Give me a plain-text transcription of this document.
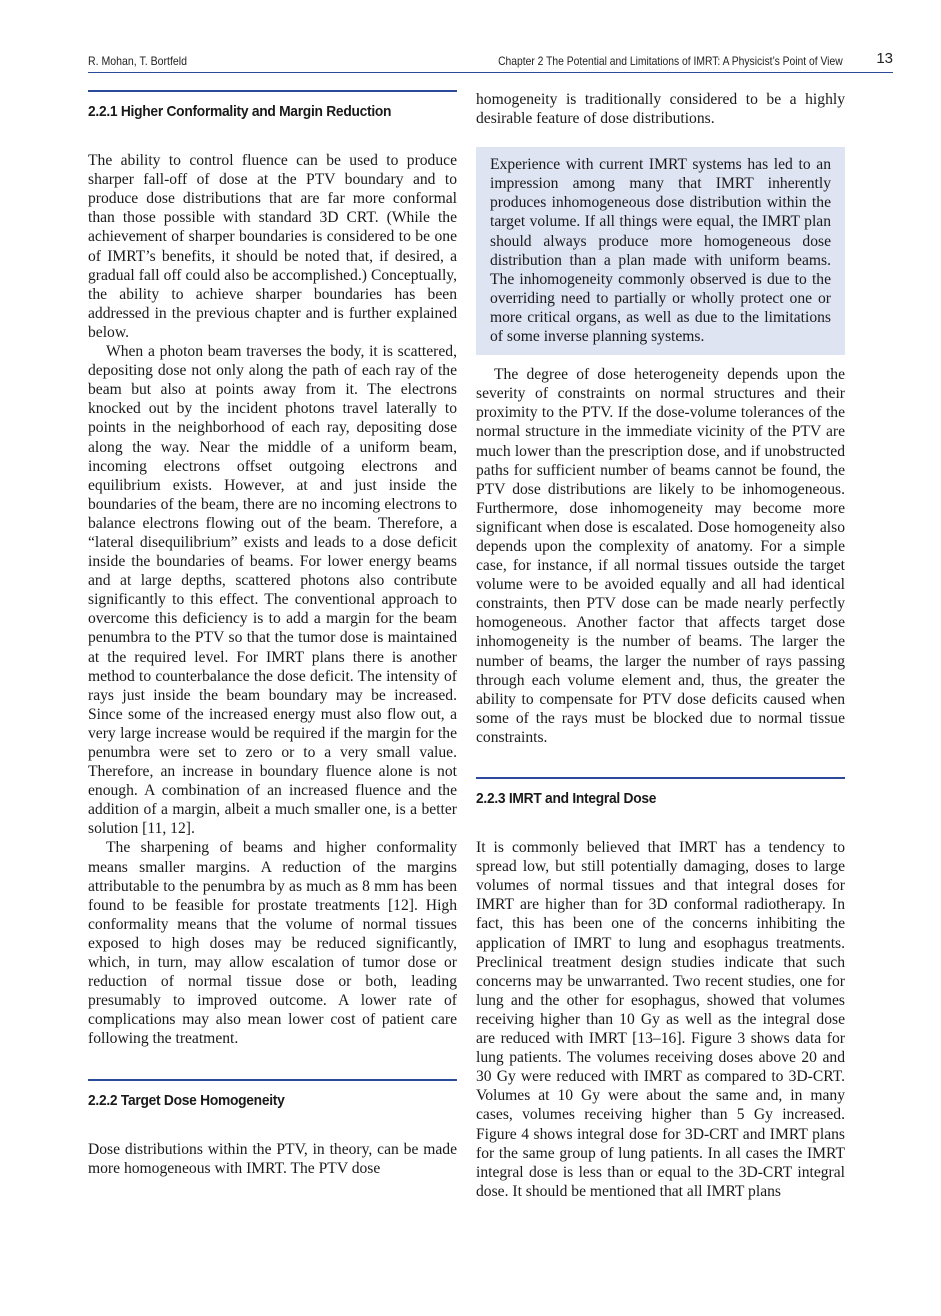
R. Mohan, T. Bortfeld	Chapter 2 The Potential and Limitations of IMRT: A Physicist’s Point of View 13
2.2.1 Higher Conformality and Margin Reduction

The ability to control fluence can be used to produce sharper fall-off of dose at the PTV boundary and to produce dose distributions that are far more conformal than those possible with standard 3D CRT. (While the achievement of sharper boundaries is considered to be one of IMRT’s benefits, it should be noted that, if desired, a gradual fall off could also be accomplished.) Conceptually, the ability to achieve sharper boundaries has been addressed in the previous chapter and is further explained below.

When a photon beam traverses the body, it is scattered, depositing dose not only along the path of each ray of the beam but also at points away from it. The electrons knocked out by the incident photons travel laterally to points in the neighborhood of each ray, depositing dose along the way. Near the middle of a uniform beam, incoming electrons offset outgoing electrons and equilibrium exists. However, at and just inside the boundaries of the beam, there are no incoming electrons to balance electrons flowing out of the beam. Therefore, a “lateral disequilibrium” exists and leads to a dose deficit inside the boundaries of beams. For lower energy beams and at large depths, scattered photons also contribute significantly to this effect. The conventional approach to overcome this deficiency is to add a margin for the beam penumbra to the PTV so that the tumor dose is maintained at the required level. For IMRT plans there is another method to counterbalance the dose deficit. The intensity of rays just inside the beam boundary may be increased. Since some of the increased energy must also flow out, a very large increase would be required if the margin for the penumbra were set to zero or to a very small value. Therefore, an increase in boundary fluence alone is not enough. A combination of an increased fluence and the addition of a margin, albeit a much smaller one, is a better solution [11, 12].

The sharpening of beams and higher conformality means smaller margins. A reduction of the margins attributable to the penumbra by as much as 8 mm has been found to be feasible for prostate treatments [12]. High conformality means that the volume of normal tissues exposed to high doses may be reduced significantly, which, in turn, may allow escalation of tumor dose or reduction of normal tissue dose or both, leading presumably to improved outcome. A lower rate of complications may also mean lower cost of patient care following the treatment.

2.2.2 Target Dose Homogeneity

Dose distributions within the PTV, in theory, can be made more homogeneous with IMRT. The PTV dose

homogeneity is traditionally considered to be a highly desirable feature of dose distributions.

Experience with current IMRT systems has led to an impression among many that IMRT inherently produces inhomogeneous dose distribution within the target volume. If all things were equal, the IMRT plan should always produce more homogeneous dose distribution than a plan made with uniform beams. The inhomogeneity commonly observed is due to the overriding need to partially or wholly protect one or more critical organs, as well as due to the limitations of some inverse planning systems.

The degree of dose heterogeneity depends upon the severity of constraints on normal structures and their proximity to the PTV. If the dose-volume tolerances of the normal structure in the immediate vicinity of the PTV are much lower than the prescription dose, and if unobstructed paths for sufficient number of beams cannot be found, the PTV dose distributions are likely to be inhomogeneous. Furthermore, dose inhomogeneity may become more significant when dose is escalated. Dose homogeneity also depends upon the complexity of anatomy. For a simple case, for instance, if all normal tissues outside the target volume were to be avoided equally and all had identical constraints, then PTV dose can be made nearly perfectly homogeneous. Another factor that affects target dose inhomogeneity is the number of beams. The larger the number of beams, the larger the number of rays passing through each volume element and, thus, the greater the ability to compensate for PTV dose deficits caused when some of the rays must be blocked due to normal tissue constraints.

2.2.3 IMRT and Integral Dose

It is commonly believed that IMRT has a tendency to spread low, but still potentially damaging, doses to large volumes of normal tissues and that integral doses for IMRT are higher than for 3D conformal radiotherapy. In fact, this has been one of the concerns inhibiting the application of IMRT to lung and esophagus treatments. Preclinical treatment design studies indicate that such concerns may be unwarranted. Two recent studies, one for lung and the other for esophagus, showed that volumes receiving higher than 10 Gy as well as the integral dose are reduced with IMRT [13–16]. Figure 3 shows data for lung patients. The volumes receiving doses above 20 and 30 Gy were reduced with IMRT as compared to 3D-CRT. Volumes at 10 Gy were about the same and, in many cases, volumes receiving higher than 5 Gy increased. Figure 4 shows integral dose for 3D-CRT and IMRT plans for the same group of lung patients. In all cases the IMRT integral dose is less than or equal to the 3D-CRT integral dose. It should be mentioned that all IMRT plans
